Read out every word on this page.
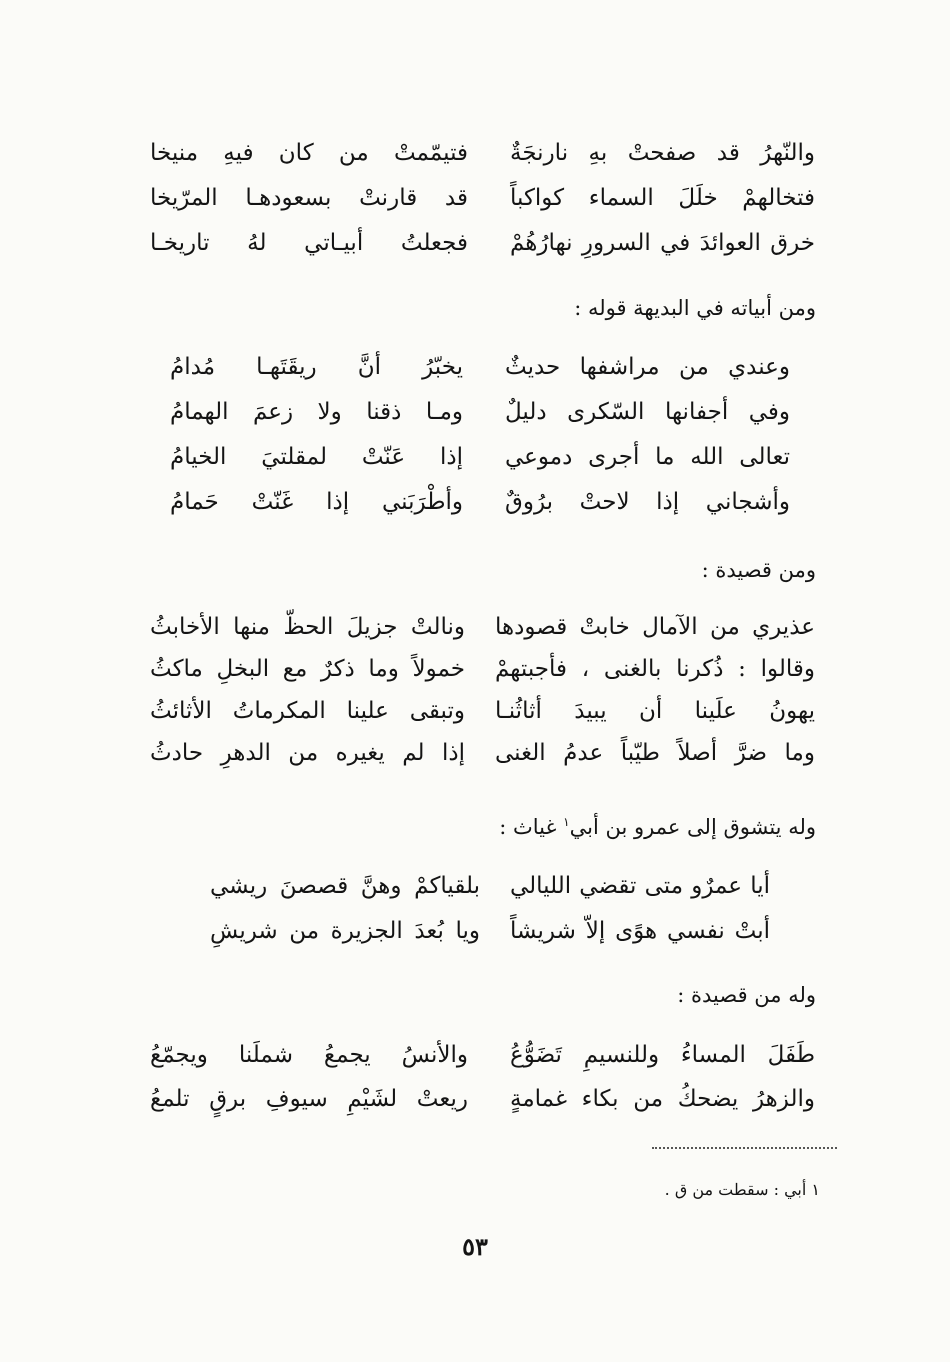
والنّهرُ قد صفحتْ بهِ نارنجَةٌ
فتيمّمتْ من كان فيهِ منيخا
فتخالهمْ خلَلَ السماء كواكباً
قد قارنتْ بسعودهـا المرّيخا
خرق العوائدَ في السرورِ نهارُهُمْ
فجعلتُ أبيـاتي لهُ تاريخـا
ومن أبياته في البديهة قوله :
وعندي من مراشفها حديثٌ
يخبّرُ أنَّ ريقَتَهـا مُدامُ
وفي أجفانها السّكرى دليلٌ
ومـا ذقنا ولا زعمَ الهمامُ
تعالى الله ما أجرى دموعي
إذا عَنّتْ لمقلتيَ الخيامُ
وأشجاني إذا لاحتْ برُوقٌ
وأطْرَبَني إذا غَنّتْ حَمامُ
ومن قصيدة :
عذيري من الآمال خابتْ قصودها
ونالتْ جزيلَ الحظّ منها الأخابثُ
وقالوا : ذُكرنا بالغنى ، فأجبتهمْ
خمولاً وما ذكرٌ مع البخلِ ماكثُ
يهونُ علَينا أن يبيدَ أثاثُنـا
وتبقى علينا المكرماتُ الأثائثُ
وما ضرَّ أصلاً طيّباً عدمُ الغنى
إذا لم يغيره من الدهرِ حادثُ
وله يتشوق إلى عمرو بن أبي$^١$ غياث :
أيا عمرٌو متى تقضي الليالي
بلقياكمْ وهنَّ قصصنَ ريشي
أبتْ نفسي هوًى إلاّ شريشاً
ويا بُعدَ الجزيرة من شريشِ
وله من قصيدة :
طَفَلَ المساءُ وللنسيمِ تَضَوُّعُ
والأنسُ يجمعُ شملَنا ويجمّعُ
والزهرُ يضحكُ من بكاء غمامةٍ
ريعتْ لشَيْمِ سيوفِ برقٍ تلمعُ
١ أبي : سقطت من ق .
٥٣
